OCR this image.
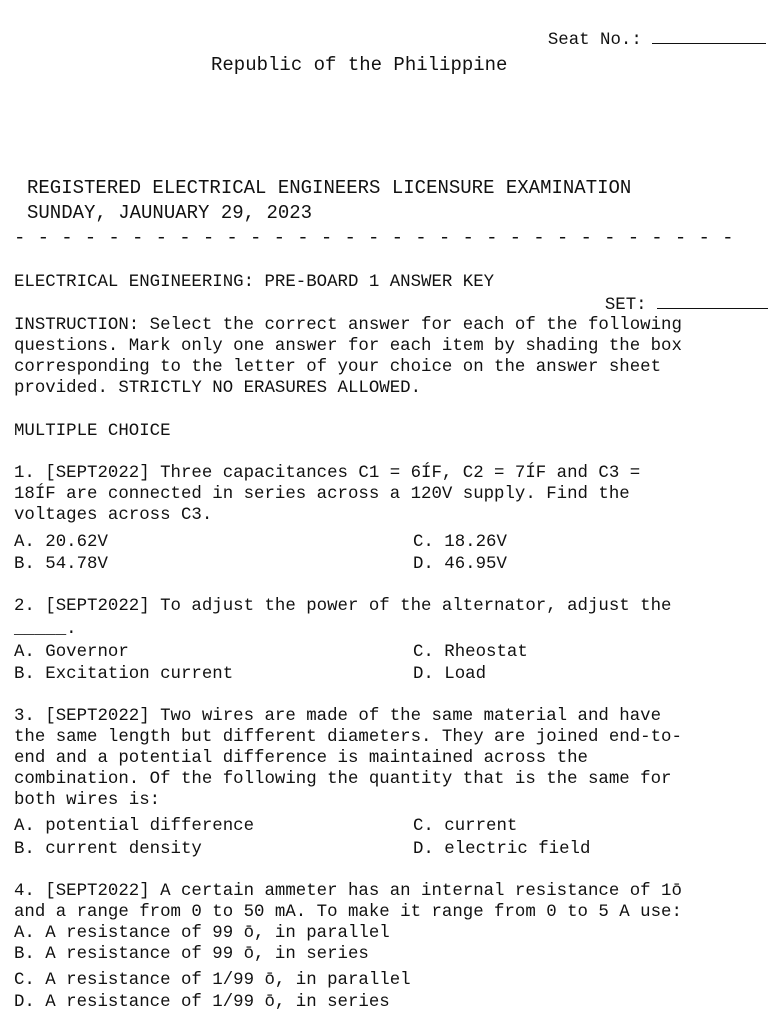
Seat No.:

Republic of the Philippine
REGISTERED ELECTRICAL ENGINEERS LICENSURE EXAMINATION
SUNDAY, JAUNUARY 29, 2023
- - - - - - - - - - - - - - - - - - - - - - - - - - - - - - -
ELECTRICAL ENGINEERING: PRE-BOARD 1 ANSWER KEY

SET:

INSTRUCTION: Select the correct answer for each of the following
questions. Mark only one answer for each item by shading the box
corresponding to the letter of your choice on the answer sheet
provided. STRICTLY NO ERASURES ALLOWED.
MULTIPLE CHOICE
1. [SEPT2022] Three capacitances C1 = 6ÍF, C2 = 7ÍF and C3 =
18ÍF are connected in series across a 120V supply. Find the
voltages across C3.
A. 20.62V
B. 54.78V
C. 18.26V
D. 46.95V
2. [SEPT2022] To adjust the power of the alternator, adjust the
_____.
A. Governor
B. Excitation current
C. Rheostat
D. Load
3. [SEPT2022] Two wires are made of the same material and have
the same length but different diameters. They are joined end-to-
end and a potential difference is maintained across the
combination. Of the following the quantity that is the same for
both wires is:
A. potential difference
B. current density
C. current
D. electric field
4. [SEPT2022] A certain ammeter has an internal resistance of 1ō
and a range from 0 to 50 mA. To make it range from 0 to 5 A use:
A. A resistance of 99 ō, in parallel
B. A resistance of 99 ō, in series
C. A resistance of 1/99 ō, in parallel
D. A resistance of 1/99 ō, in series
